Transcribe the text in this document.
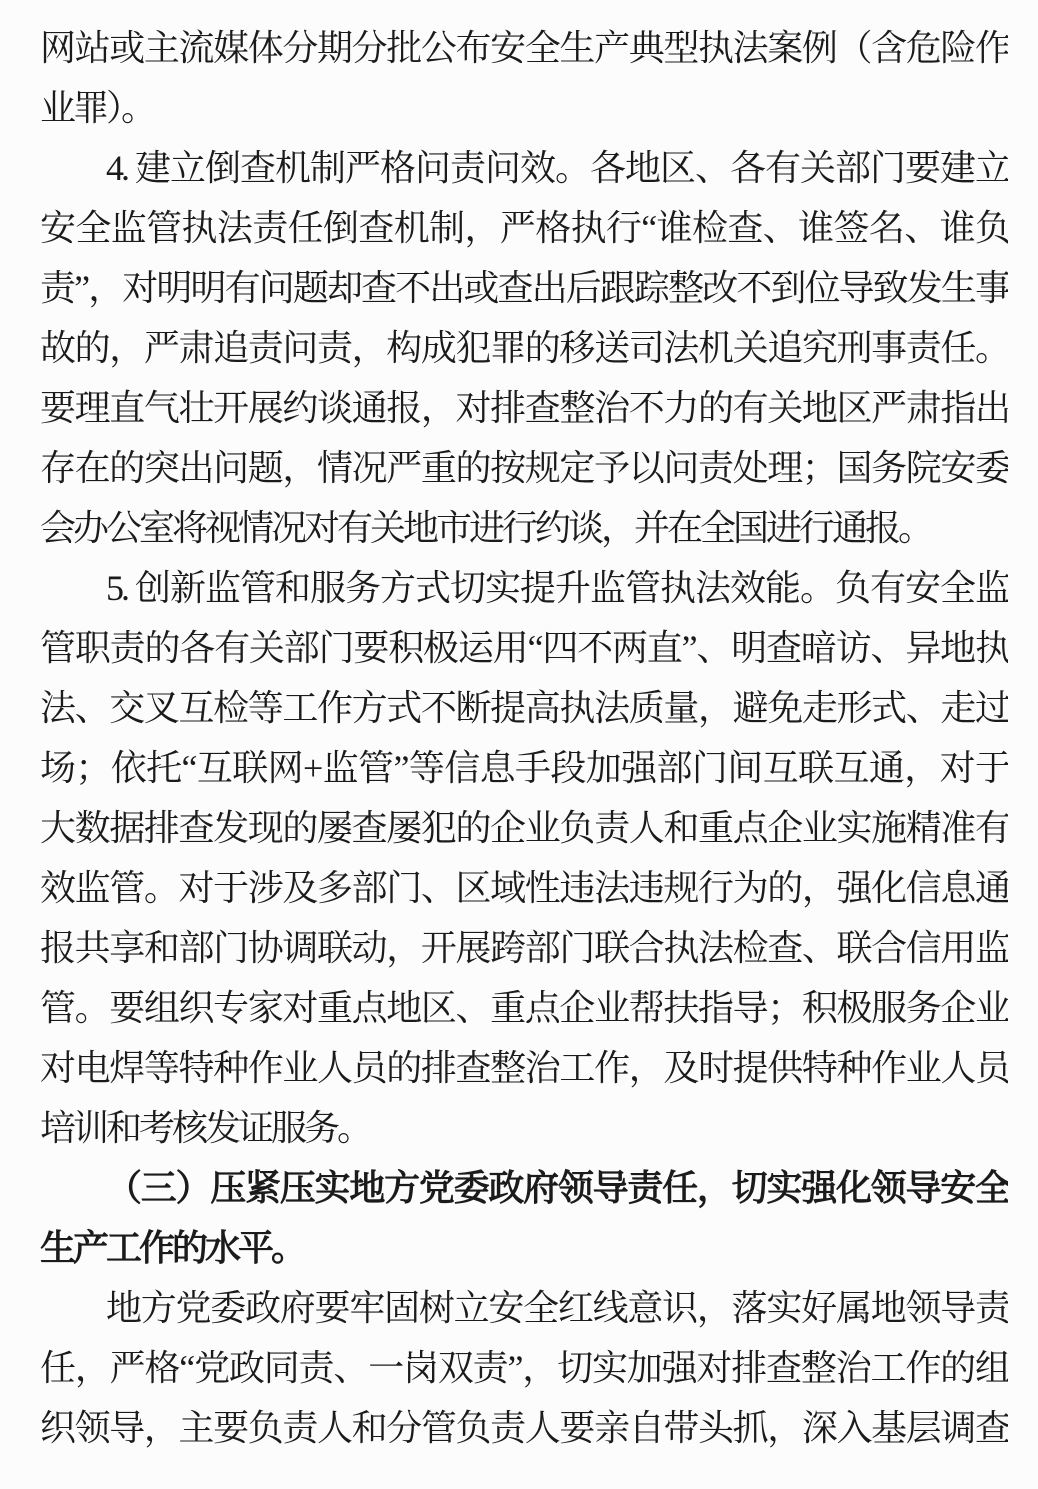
网站或主流媒体分期分批公布安全生产典型执法案例（含危险作
业罪）。
4. 建立倒查机制严格问责问效。各地区、各有关部门要建立
安全监管执法责任倒查机制，严格执行“谁检查、谁签名、谁负
责”，对明明有问题却查不出或查出后跟踪整改不到位导致发生事
故的，严肃追责问责，构成犯罪的移送司法机关追究刑事责任。
要理直气壮开展约谈通报，对排查整治不力的有关地区严肃指出
存在的突出问题，情况严重的按规定予以问责处理；国务院安委
会办公室将视情况对有关地市进行约谈，并在全国进行通报。
5. 创新监管和服务方式切实提升监管执法效能。负有安全监
管职责的各有关部门要积极运用“四不两直”、明查暗访、异地执
法、交叉互检等工作方式不断提高执法质量，避免走形式、走过
场；依托“互联网+监管”等信息手段加强部门间互联互通，对于
大数据排查发现的屡查屡犯的企业负责人和重点企业实施精准有
效监管。对于涉及多部门、区域性违法违规行为的，强化信息通
报共享和部门协调联动，开展跨部门联合执法检查、联合信用监
管。要组织专家对重点地区、重点企业帮扶指导；积极服务企业
对电焊等特种作业人员的排查整治工作，及时提供特种作业人员
培训和考核发证服务。
（三）压紧压实地方党委政府领导责任，切实强化领导安全
生产工作的水平。
地方党委政府要牢固树立安全红线意识，落实好属地领导责
任，严格“党政同责、一岗双责”，切实加强对排查整治工作的组
织领导，主要负责人和分管负责人要亲自带头抓，深入基层调查
